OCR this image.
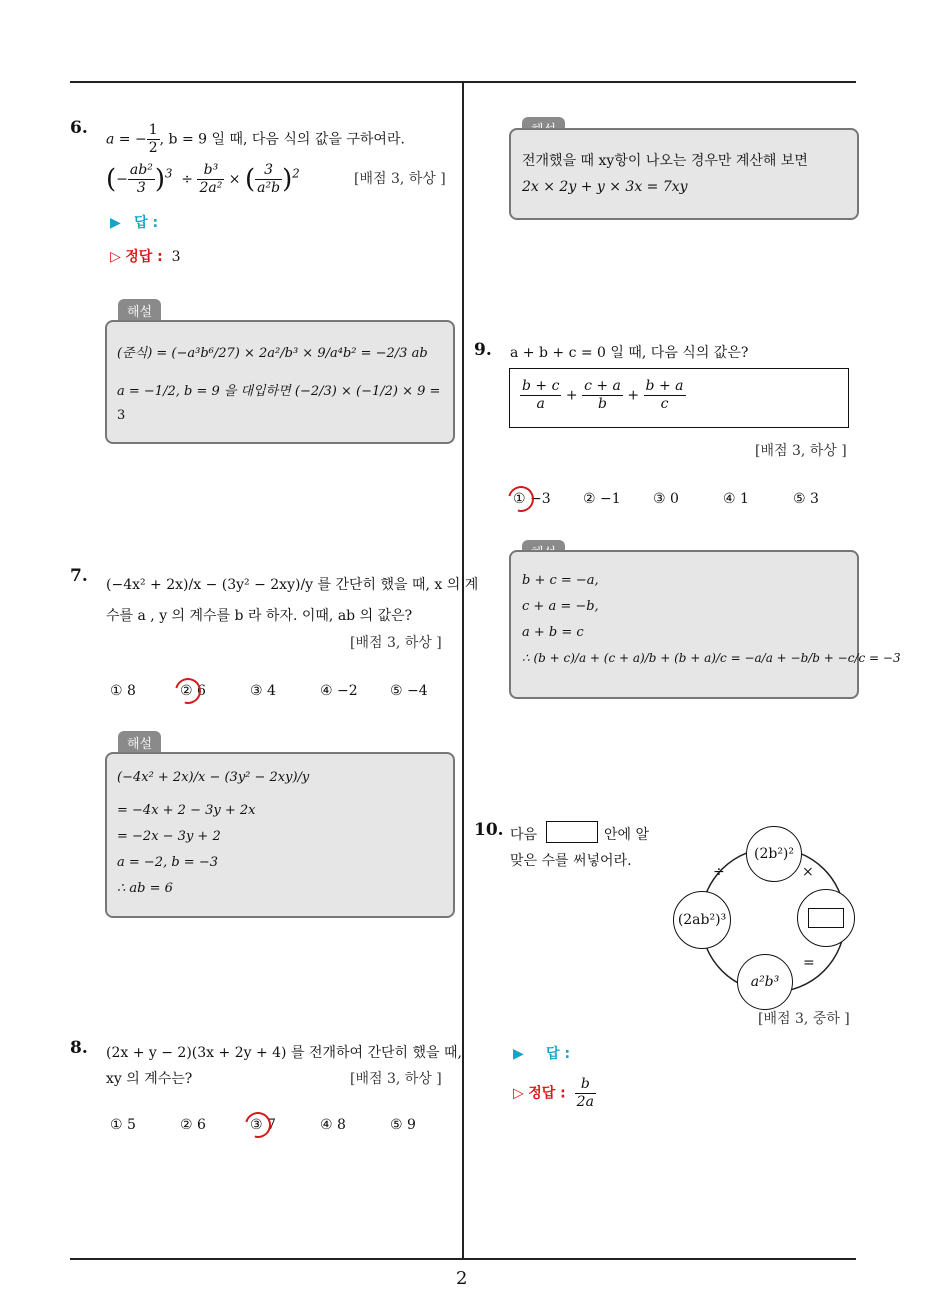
2
6.
a = − $\frac{1}{2}$ , b = 9 일 때, 다음 식의 값을 구하여라.
(− $\frac{\text{ab²}}{3} )^3 \div \frac{\text{b³}}{\text{2a²}}$ × ( $\frac{3}{\text{a²b}} )^2$	[배점 3, 하상 ]
▶ 답 :
▷ 정답 : 3
해설
(준식) = (−a³b⁶/27) × 2a²/b³ × 9/a⁴b² = −2/3 ab
a = −1/2, b = 9 을 대입하면 (−2/3) × (−1/2) × 9 =
3
7. (−4x² + 2x)/x − (3y² − 2xy)/y 를 간단히 했을 때, x 의 계
수를 a , y 의 계수를 b 라 하자. 이때, ab 의 값은?
[배점 3, 하상 ]
① 8	② 6	③ 4	④ −2 ⑤ −4
해설
(−4x² + 2x)/x − (3y² − 2xy)/y
= −4x + 2 − 3y + 2x
= −2x − 3y + 2
a = −2, b = −3
∴ ab = 6
8. (2x + y − 2)(3x + 2y + 4) 를 전개하여 간단히 했을 때,
xy 의 계수는?	[배점 3, 하상 ]
① 5	② 6	③ 7	④ 8	⑤ 9
전개했을 때 xy항이 나오는 경우만 계산해 보면
2x × 2y + y × 3x = 7xy
9. a + b + c = 0 일 때, 다음 식의 값은?
$\frac{b + c}{a} + \frac{c + a}{b} + \frac{b + a}{c}$
[배점 3, 하상 ]
① −3 ② −1 ③ 0	④ 1	⑤ 3
b + c = −a,
c + a = −b,
a + b = c
∴ (b + c)/a + (c + a)/b + (b + a)/c = −a/a + −b/b + −c/c = −3
10. 다음	안에 알
맞은 수를 써넣어라.	(2b²)²
(2ab²)³
a²b³
÷	×
=
[배점 3, 중하 ]
▶ 답 :
▷ 정답 : $\frac{b}{2a}$
